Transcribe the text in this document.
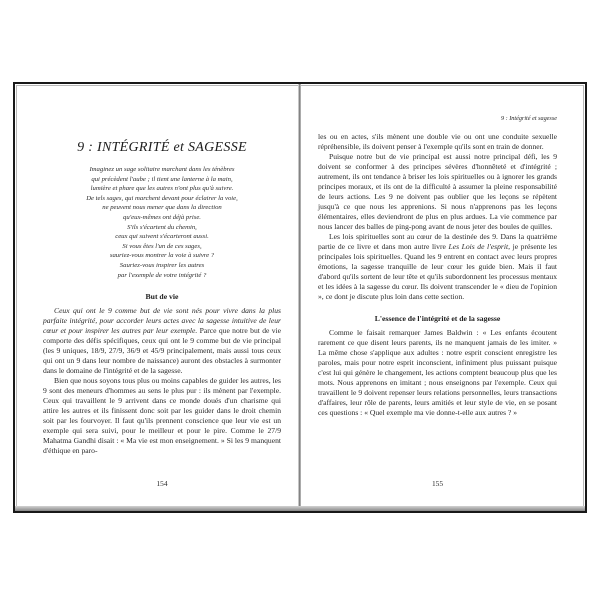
9 : INTÉGRITÉ et SAGESSE
Imaginez un sage solitaire marchant dans les ténèbres
qui précèdent l'aube ; il tient une lanterne à la main,
lumière et phare que les autres n'ont plus qu'à suivre.
De tels sages, qui marchent devant pour éclairer la voie,
ne peuvent nous mener que dans la direction
qu'eux-mêmes ont déjà prise.
S'ils s'écartent du chemin,
ceux qui suivent s'écarteront aussi.
Si vous êtes l'un de ces sages,
sauriez-vous montrer la voie à suivre ?
Sauriez-vous inspirer les autres
par l'exemple de votre intégrité ?
But de vie

Ceux qui ont le 9 comme but de vie sont nés pour vivre dans la plus parfaite intégrité, pour accorder leurs actes avec la sagesse intuitive de leur cœur et pour inspirer les autres par leur exemple. Parce que notre but de vie comporte des défis spécifiques, ceux qui ont le 9 comme but de vie principal (les 9 uniques, 18/9, 27/9, 36/9 et 45/9 principalement, mais aussi tous ceux qui ont un 9 dans leur nombre de naissance) auront des obstacles à surmonter dans le domaine de l'intégrité et de la sagesse.

Bien que nous soyons tous plus ou moins capables de guider les autres, les 9 sont des meneurs d'hommes au sens le plus pur : ils mènent par l'exemple. Ceux qui travaillent le 9 arrivent dans ce monde doués d'un charisme qui attire les autres et ils finissent donc soit par les guider dans le droit chemin soit par les fourvoyer. Il faut qu'ils prennent conscience que leur vie est un exemple qui sera suivi, pour le meilleur et pour le pire. Comme le 27/9 Mahatma Gandhi disait : « Ma vie est mon enseignement. » Si les 9 manquent d'éthique en paro-

154
9 : Intégrité et sagesse

les ou en actes, s'ils mènent une double vie ou ont une conduite sexuelle répréhensible, ils doivent penser à l'exemple qu'ils sont en train de donner.

Puisque notre but de vie principal est aussi notre principal défi, les 9 doivent se conformer à des principes sévères d'honnêteté et d'intégrité ; autrement, ils ont tendance à briser les lois spirituelles ou à ignorer les grands principes moraux, et ils ont de la difficulté à assumer la pleine responsabilité de leurs actions. Les 9 ne doivent pas oublier que les leçons se répètent jusqu'à ce que nous les apprenions. Si nous n'apprenons pas les leçons élémentaires, elles deviendront de plus en plus ardues. La vie commence par nous lancer des balles de ping-pong avant de nous jeter des boules de quilles.

Les lois spirituelles sont au cœur de la destinée des 9. Dans la quatrième partie de ce livre et dans mon autre livre Les Lois de l'esprit, je présente les principales lois spirituelles. Quand les 9 entrent en contact avec leurs propres émotions, la sagesse tranquille de leur cœur les guide bien. Mais il faut d'abord qu'ils sortent de leur tête et qu'ils subordonnent les processus mentaux et les idées à la sagesse du cœur. Ils doivent transcender le « dieu de l'opinion », ce dont je discute plus loin dans cette section.

L'essence de l'intégrité et de la sagesse

Comme le faisait remarquer James Baldwin : « Les enfants écoutent rarement ce que disent leurs parents, ils ne manquent jamais de les imiter. » La même chose s'applique aux adultes : notre esprit conscient enregistre les paroles, mais pour notre esprit inconscient, infiniment plus puissant puisque c'est lui qui génère le changement, les actions comptent beaucoup plus que les mots. Nous apprenons en imitant ; nous enseignons par l'exemple. Ceux qui travaillent le 9 doivent repenser leurs relations personnelles, leurs transactions d'affaires, leur rôle de parents, leurs amitiés et leur style de vie, en se posant ces questions : « Quel exemple ma vie donne-t-elle aux autres ? »

155
